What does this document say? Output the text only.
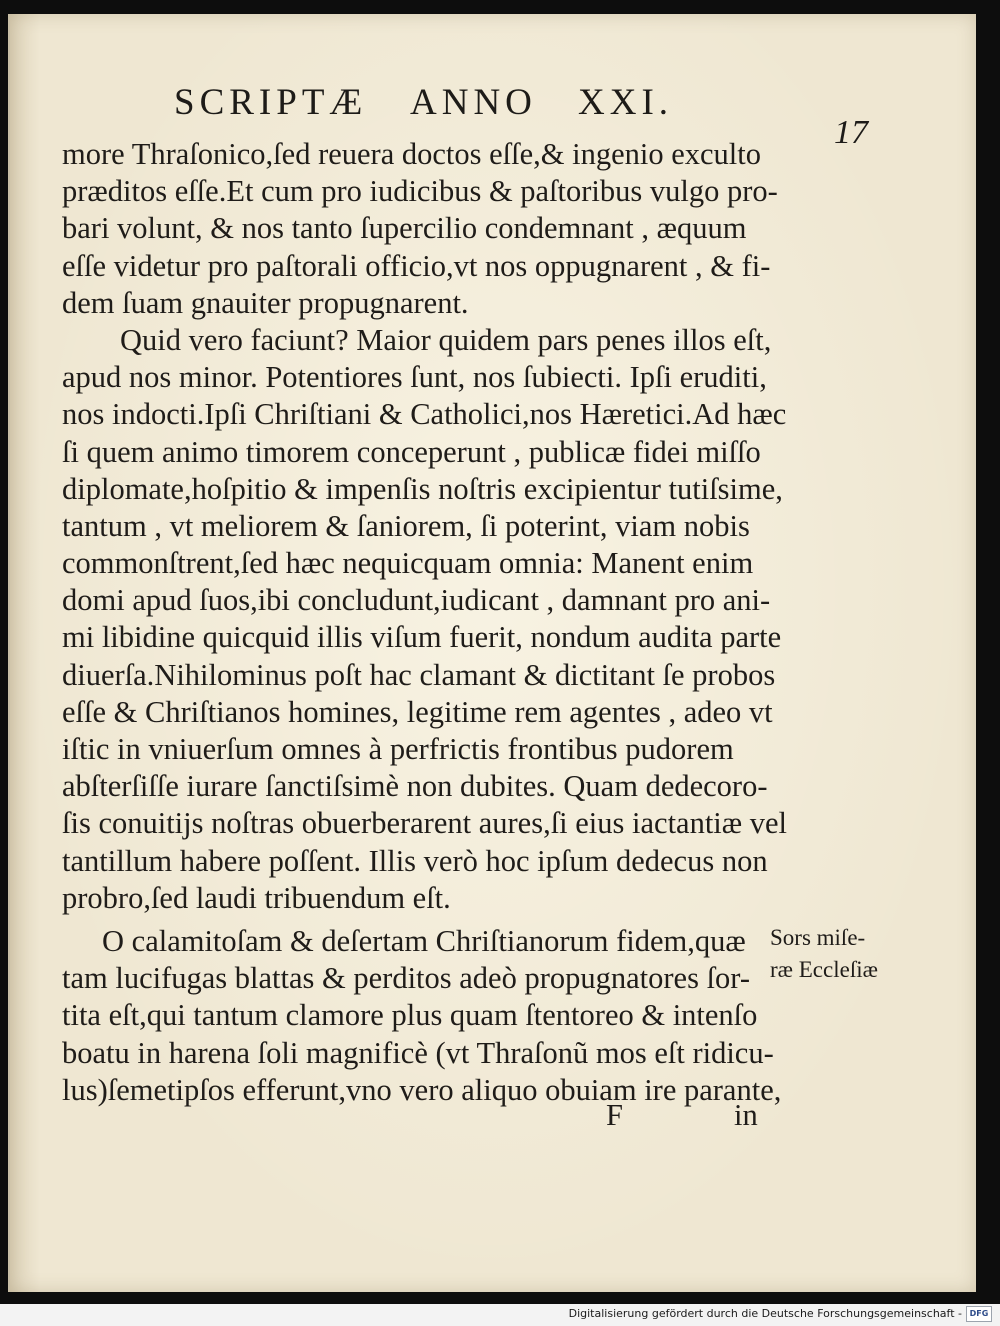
SCRIPTÆ ANNO XXI.
17
more Thraſonico,ſed reuera doctos eſſe,& ingenio exculto
præditos eſſe.Et cum pro iudicibus & paſtoribus vulgo pro-
bari volunt, & nos tanto ſupercilio condemnant , æquum
eſſe videtur pro paſtorali officio,vt nos oppugnarent , & fi-
dem ſuam gnauiter propugnarent.
Quid vero faciunt? Maior quidem pars penes illos eſt,
apud nos minor. Potentiores ſunt, nos ſubiecti. Ipſi eruditi,
nos indocti.Ipſi Chriſtiani & Catholici,nos Hæretici.Ad hæc
ſi quem animo timorem conceperunt , publicæ fidei miſſo
diplomate,hoſpitio & impenſis noſtris excipientur tutiſsime,
tantum , vt meliorem & ſaniorem, ſi poterint, viam nobis
commonſtrent,ſed hæc nequicquam omnia: Manent enim
domi apud ſuos,ibi concludunt,iudicant , damnant pro ani-
mi libidine quicquid illis viſum fuerit, nondum audita parte
diuerſa.Nihilominus poſt hac clamant & dictitant ſe probos
eſſe & Chriſtianos homines, legitime rem agentes , adeo vt
iſtic in vniuerſum omnes à perfrictis frontibus pudorem
abſterſiſſe iurare ſanctiſsimè non dubites. Quam dedecoro-
ſis conuitijs noſtras obuerberarent aures,ſi eius iactantiæ vel
tantillum habere poſſent. Illis verò hoc ipſum dedecus non
probro,ſed laudi tribuendum eſt.
O calamitoſam & deſertam Chriſtianorum fidem,quæ
tam lucifugas blattas & perditos adeò propugnatores ſor-
tita eſt,qui tantum clamore plus quam ſtentoreo & intenſo
boatu in harena ſoli magnificè (vt Thraſonũ mos eſt ridicu-
lus)ſemetipſos efferunt,vno vero aliquo obuiam ire parante,
Sors miſe-
ræ Eccleſiæ
F	in
Digitalisierung gefördert durch die Deutsche Forschungsgemeinschaft - DFG
